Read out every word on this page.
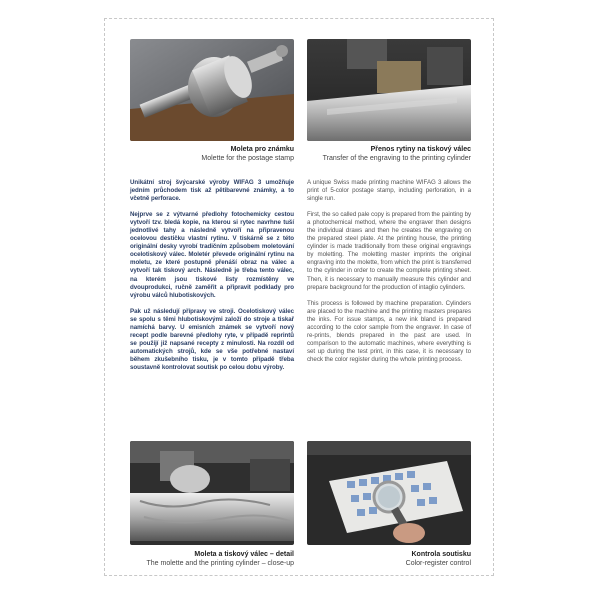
Moleta pro známku
Molette for the postage stamp
Přenos rytiny na tiskový válec
Transfer of the engraving to the printing cylinder

Unikátní stroj švýcarské výroby WIFAG 3 umožňuje jedním průchodem tisk až pětibarevné známky, a to včetně perforace.

Nejprve se z výtvarné předlohy fotochemicky cestou vytvoří tzv. bledá kopie, na kterou si rytec navrhne tuší jednotlivé tahy a následně vytvoří na připravenou ocelovou destičku vlastní rytinu. V tiskárně se z této originální desky vyrobí tradičním způsobem moletování ocelotiskový válec. Moletér převede originální rytinu na moletu, ze které postupně přenáší obraz na válec a vytvoří tak tiskový arch. Následně je třeba tento válec, na kterém jsou tiskové listy rozmístěny ve dvouprodukci, ručně zaměřit a připravit podklady pro výrobu válců hlubotiskových.

Pak už následují přípravy ve stroji. Ocelotiskový válec se spolu s těmi hlubotiskovými založí do stroje a tiskař namíchá barvy. U emisních známek se vytvoří nový recept podle barevné předlohy ryte, v případě reprintů se použijí již napsané recepty z minulosti. Na rozdíl od automatických strojů, kde se vše potřebné nastaví během zkušebního tisku, je v tomto případě třeba soustavně kontrolovat soutisk po celou dobu výroby.

A unique Swiss made printing machine WIFAG 3 allows the print of 5-color postage stamp, including perforation, in a single run.

First, the so called pale copy is prepared from the painting by a photochemical method, where the engraver then designs the individual draws and then he creates the engraving on the prepared steel plate. At the printing house, the printing cylinder is made traditionally from these original engravings by moletting. The moletting master imprints the original engraving into the molette, from which the print is transferred to the cylinder in order to create the complete printing sheet. Then, it is necessary to manually measure this cylinder and prepare background for the production of intaglio cylinders.

This process is followed by machine preparation. Cylinders are placed to the machine and the printing masters prepares the inks. For issue stamps, a new ink bland is prepared according to the color sample from the engraver. In case of re-prints, blends prepared in the past are used. In comparison to the automatic machines, where everything is set up during the test print, in this case, it is necessary to check the color register during the whole printing process.

Moleta a tiskový válec – detail
The molette and the printing cylinder – close-up
Kontrola soutisku
Color-register control
